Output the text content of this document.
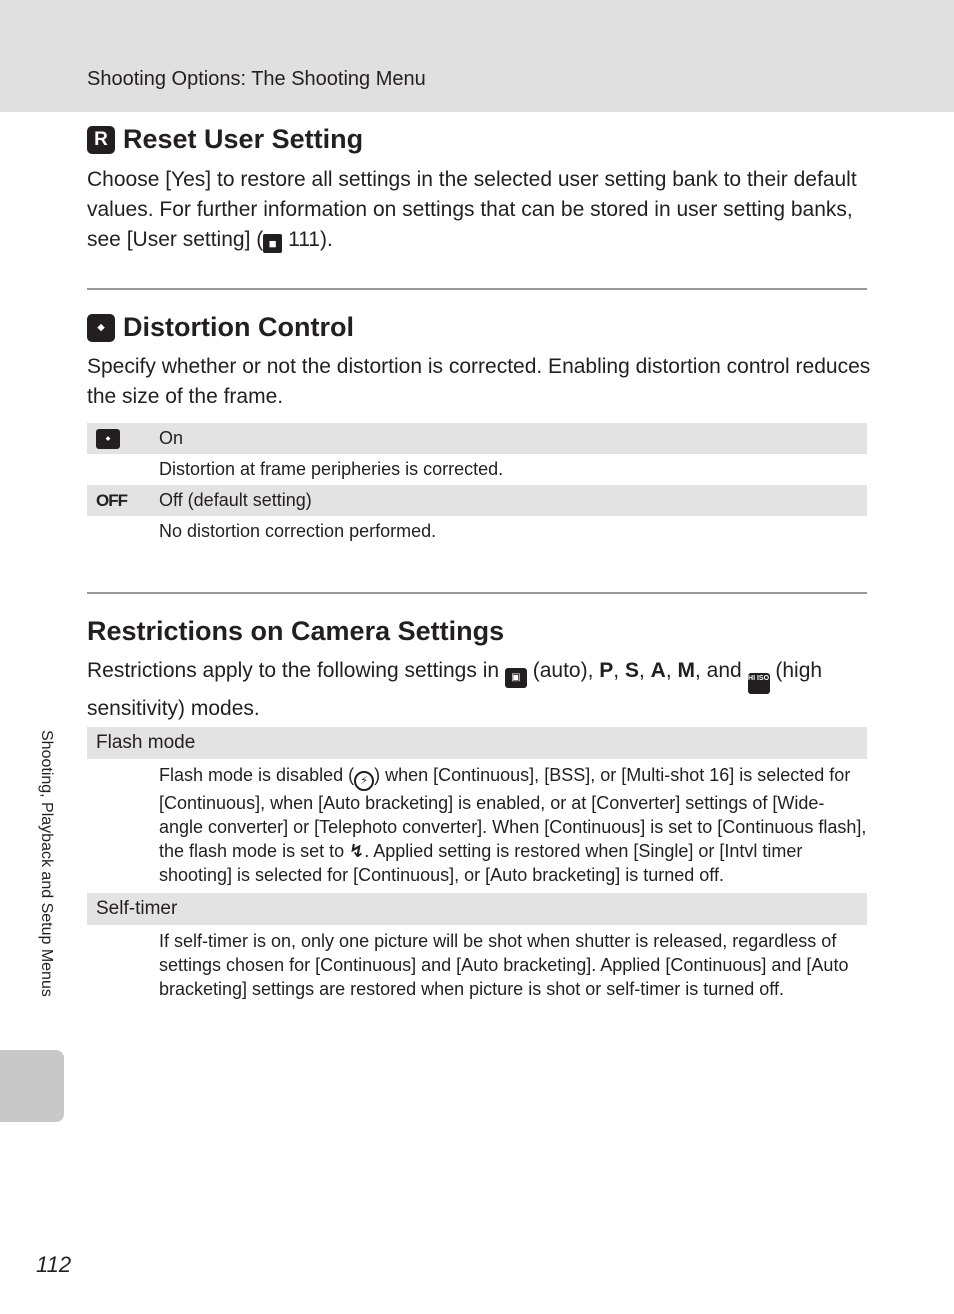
Shooting Options: The Shooting Menu
R Reset User Setting

Choose [Yes] to restore all settings in the selected user setting bank to their default values. For further information on settings that can be stored in user setting banks, see [User setting] ( ■ 111).

⬩ Distortion Control

Specify whether or not the distortion is corrected. Enabling distortion control reduces the size of the frame.

⬩	On
Distortion at frame peripheries is corrected.
OFF Off (default setting)
No distortion correction performed.
Restrictions on Camera Settings

Restrictions apply to the following settings in ▣ (auto), P, S, A, M, and HI ISO (high sensitivity) modes.

Flash mode

Flash mode is disabled ( ⚡ ) when [Continuous], [BSS], or [Multi-shot 16] is selected for [Continuous], when [Auto bracketing] is enabled, or at [Converter] settings of [Wide-angle converter] or [Telephoto converter]. When [Continuous] is set to [Continuous flash], the flash mode is set to ↯. Applied setting is restored when [Single] or [Intvl timer shooting] is selected for [Continuous], or [Auto bracketing] is turned off.

Self-timer

If self-timer is on, only one picture will be shot when shutter is released, regardless of settings chosen for [Continuous] and [Auto bracketing]. Applied [Continuous] and [Auto bracketing] settings are restored when picture is shot or self-timer is turned off.

Shooting, Playback and Setup Menus
112
